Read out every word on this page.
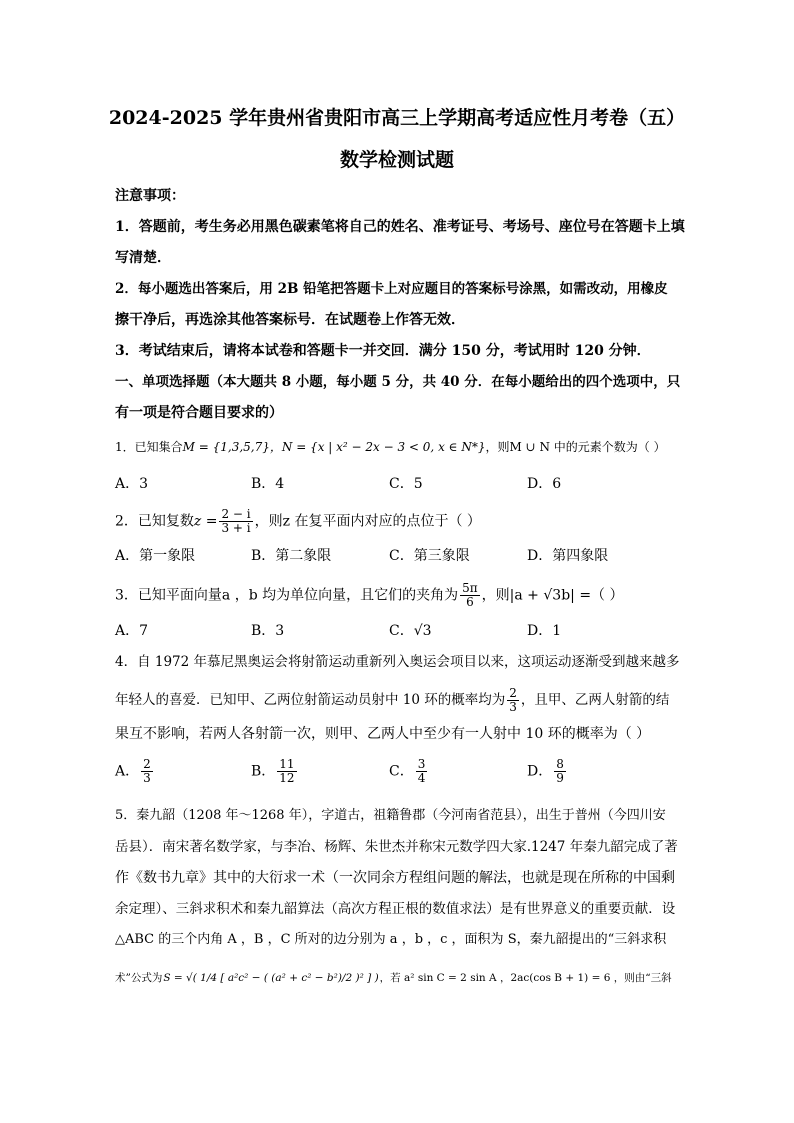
2024-2025 学年贵州省贵阳市高三上学期高考适应性月考卷（五）
数学检测试题
注意事项：
1．答题前，考生务必用黑色碳素笔将自己的姓名、准考证号、考场号、座位号在答题卡上填
写清楚．
2．每小题选出答案后，用 2B 铅笔把答题卡上对应题目的答案标号涂黑，如需改动，用橡皮
擦干净后，再选涂其他答案标号．在试题卷上作答无效．
3．考试结束后，请将本试卷和答题卡一并交回．满分 150 分，考试用时 120 分钟．
一、单项选择题（本大题共 8 小题，每小题 5 分，共 40 分．在每小题给出的四个选项中，只
有一项是符合题目要求的）
1．已知集合M = {1,3,5,7}，N = {x | x² − 2x − 3 < 0, x ∈ N*}，则M ∪ N 中的元素个数为（ ）
A．3	B．4	C．5	D．6
2．已知复数$z = \frac{2 - i}{3 + i}$ ，则z 在复平面内对应的点位于（ ）
A．第一象限	B．第二象限	C．第三象限	D．第四象限
3．已知平面向量a ，b 均为单位向量，且它们的夹角为 $\frac{5\pi}{6}$ ，则|a + √3b| =（ ）
A．7	B．3	C．√3	D．1
4．自 1972 年慕尼黑奥运会将射箭运动重新列入奥运会项目以来，这项运动逐渐受到越来越多
年轻人的喜爱．已知甲、乙两位射箭运动员射中 10 环的概率均为 $\frac{2}{3}$ ，且甲、乙两人射箭的结
果互不影响，若两人各射箭一次，则甲、乙两人中至少有一人射中 10 环的概率为（ ）
A． $\frac{2}{3}$	B． $\frac{11}{12}$	C． $\frac{3}{4}$	D． $\frac{8}{9}$
5．秦九韶（1208 年～1268 年），字道古，祖籍鲁郡（今河南省范县），出生于普州（今四川安
岳县）．南宋著名数学家，与李冶、杨辉、朱世杰并称宋元数学四大家.1247 年秦九韶完成了著
作《数书九章》其中的大衍求一术（一次同余方程组问题的解法，也就是现在所称的中国剩
余定理）、三斜求积术和秦九韶算法（高次方程正根的数值求法）是有世界意义的重要贡献．设
△ABC 的三个内角 A ，B ，C 所对的边分别为 a ，b ，c ，面积为 S，秦九韶提出的“三斜求积
术”公式为S = √( 1/4 [ a²c² − ( (a² + c² − b²)/2 )² ] )，若 a² sin C = 2 sin A ，2ac(cos B + 1) = 6 ，则由“三斜
